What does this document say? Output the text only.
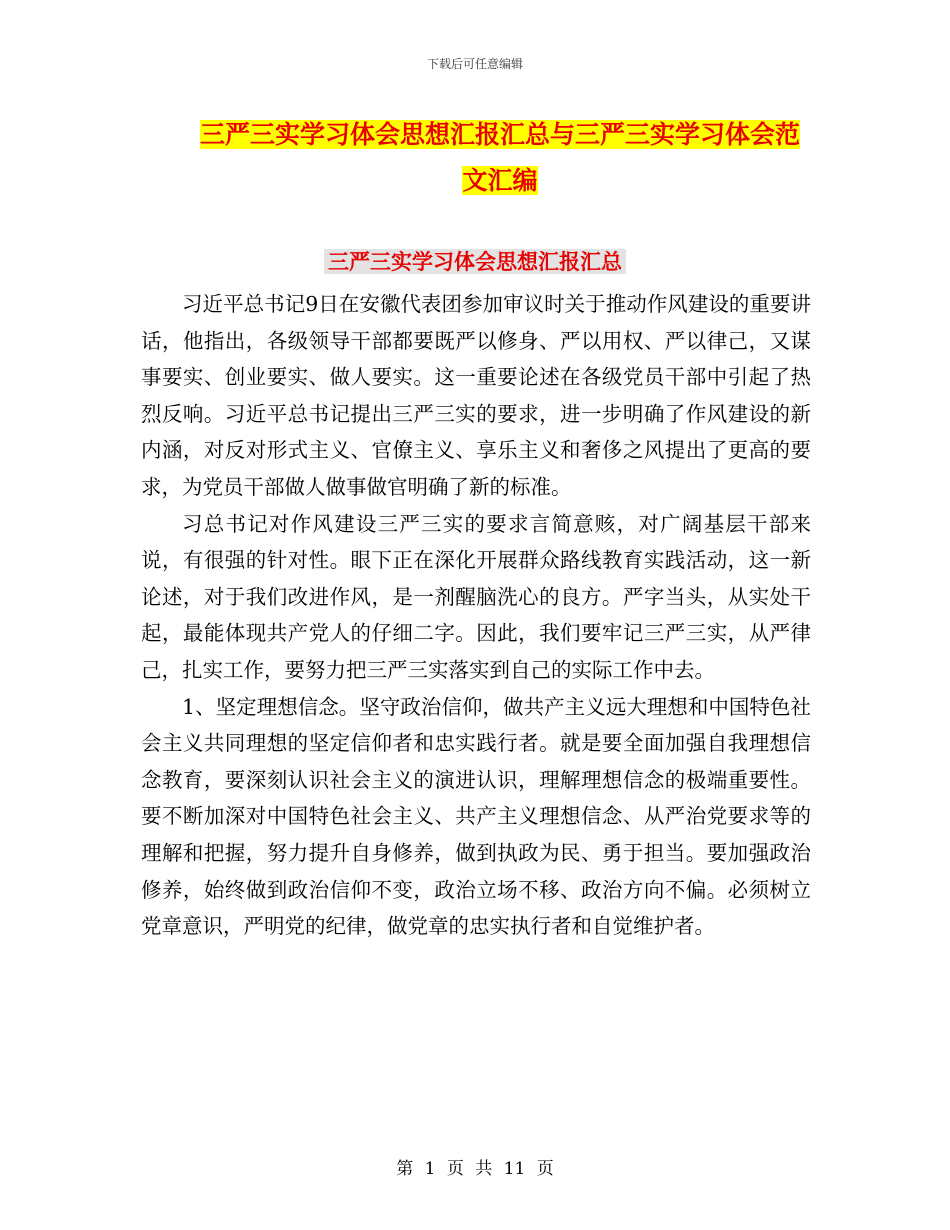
下载后可任意编辑
三严三实学习体会思想汇报汇总与三严三实学习体会范文汇编
三严三实学习体会思想汇报汇总

习近平总书记9日在安徽代表团参加审议时关于推动作风建设的重要讲话，他指出，各级领导干部都要既严以修身、严以用权、严以律己，又谋事要实、创业要实、做人要实。这一重要论述在各级党员干部中引起了热烈反响。习近平总书记提出三严三实的要求，进一步明确了作风建设的新内涵，对反对形式主义、官僚主义、享乐主义和奢侈之风提出了更高的要求，为党员干部做人做事做官明确了新的标准。

习总书记对作风建设三严三实的要求言简意赅，对广阔基层干部来说，有很强的针对性。眼下正在深化开展群众路线教育实践活动，这一新论述，对于我们改进作风，是一剂醒脑洗心的良方。严字当头，从实处干起，最能体现共产党人的仔细二字。因此，我们要牢记三严三实，从严律己，扎实工作，要努力把三严三实落实到自己的实际工作中去。

1、坚定理想信念。坚守政治信仰，做共产主义远大理想和中国特色社会主义共同理想的坚定信仰者和忠实践行者。就是要全面加强自我理想信念教育，要深刻认识社会主义的演进认识，理解理想信念的极端重要性。要不断加深对中国特色社会主义、共产主义理想信念、从严治党要求等的理解和把握，努力提升自身修养，做到执政为民、勇于担当。要加强政治修养，始终做到政治信仰不变，政治立场不移、政治方向不偏。必须树立党章意识，严明党的纪律，做党章的忠实执行者和自觉维护者。

第 1 页 共 11 页
